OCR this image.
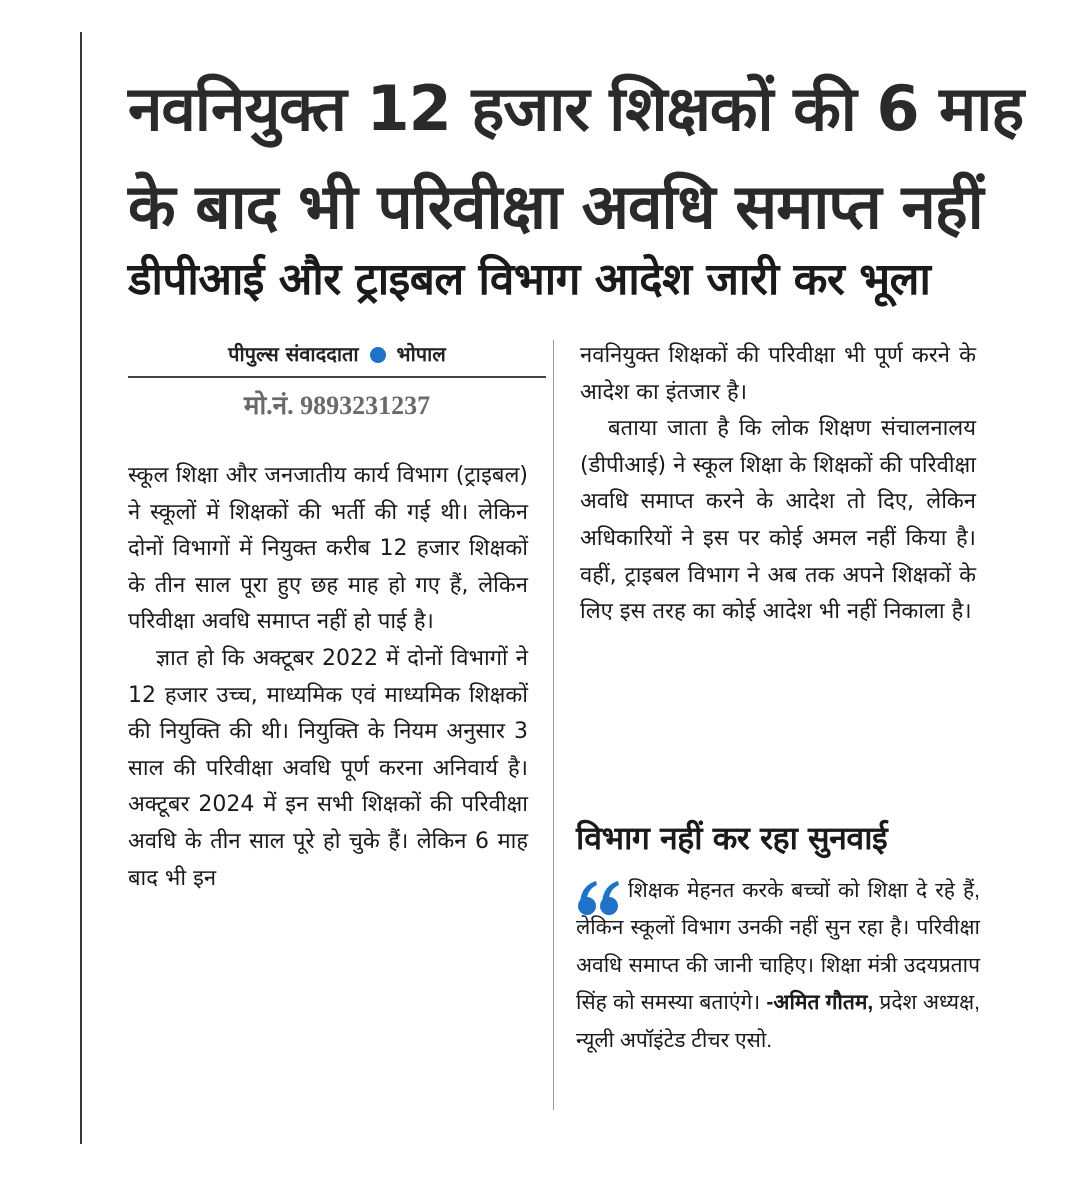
नवनियुक्त 12 हजार शिक्षकों की 6 माह
के बाद भी परिवीक्षा अवधि समाप्त नहीं
डीपीआई और ट्राइबल विभाग आदेश जारी कर भूला
पीपुल्स संवाददाता भोपाल
मो.नं. 9893231237

स्कूल शिक्षा और जनजातीय कार्य विभाग (ट्राइबल) ने स्कूलों में शिक्षकों की भर्ती की गई थी। लेकिन दोनों विभागों में नियुक्त करीब 12 हजार शिक्षकों के तीन साल पूरा हुए छह माह हो गए हैं, लेकिन परिवीक्षा अवधि समाप्त नहीं हो पाई है।

ज्ञात हो कि अक्टूबर 2022 में दोनों विभागों ने 12 हजार उच्च, माध्यमिक एवं माध्यमिक शिक्षकों की नियुक्ति की थी। नियुक्ति के नियम अनुसार 3 साल की परिवीक्षा अवधि पूर्ण करना अनिवार्य है। अक्टूबर 2024 में इन सभी शिक्षकों की परिवीक्षा अवधि के तीन साल पूरे हो चुके हैं। लेकिन 6 माह बाद भी इन

नवनियुक्त शिक्षकों की परिवीक्षा भी पूर्ण करने के आदेश का इंतजार है।

बताया जाता है कि लोक शिक्षण संचालनालय (डीपीआई) ने स्कूल शिक्षा के शिक्षकों की परिवीक्षा अवधि समाप्त करने के आदेश तो दिए, लेकिन अधिकारियों ने इस पर कोई अमल नहीं किया है। वहीं, ट्राइबल विभाग ने अब तक अपने शिक्षकों के लिए इस तरह का कोई आदेश भी नहीं निकाला है।

विभाग नहीं कर रहा सुनवाई

शिक्षक मेहनत करके बच्चों को शिक्षा दे रहे हैं, लेकिन स्कूलों विभाग उनकी नहीं सुन रहा है। परिवीक्षा अवधि समाप्त की जानी चाहिए। शिक्षा मंत्री उदयप्रताप सिंह को समस्या बताएंगे। -अमित गौतम, प्रदेश अध्यक्ष, न्यूली अपॉइंटेड टीचर एसो.
